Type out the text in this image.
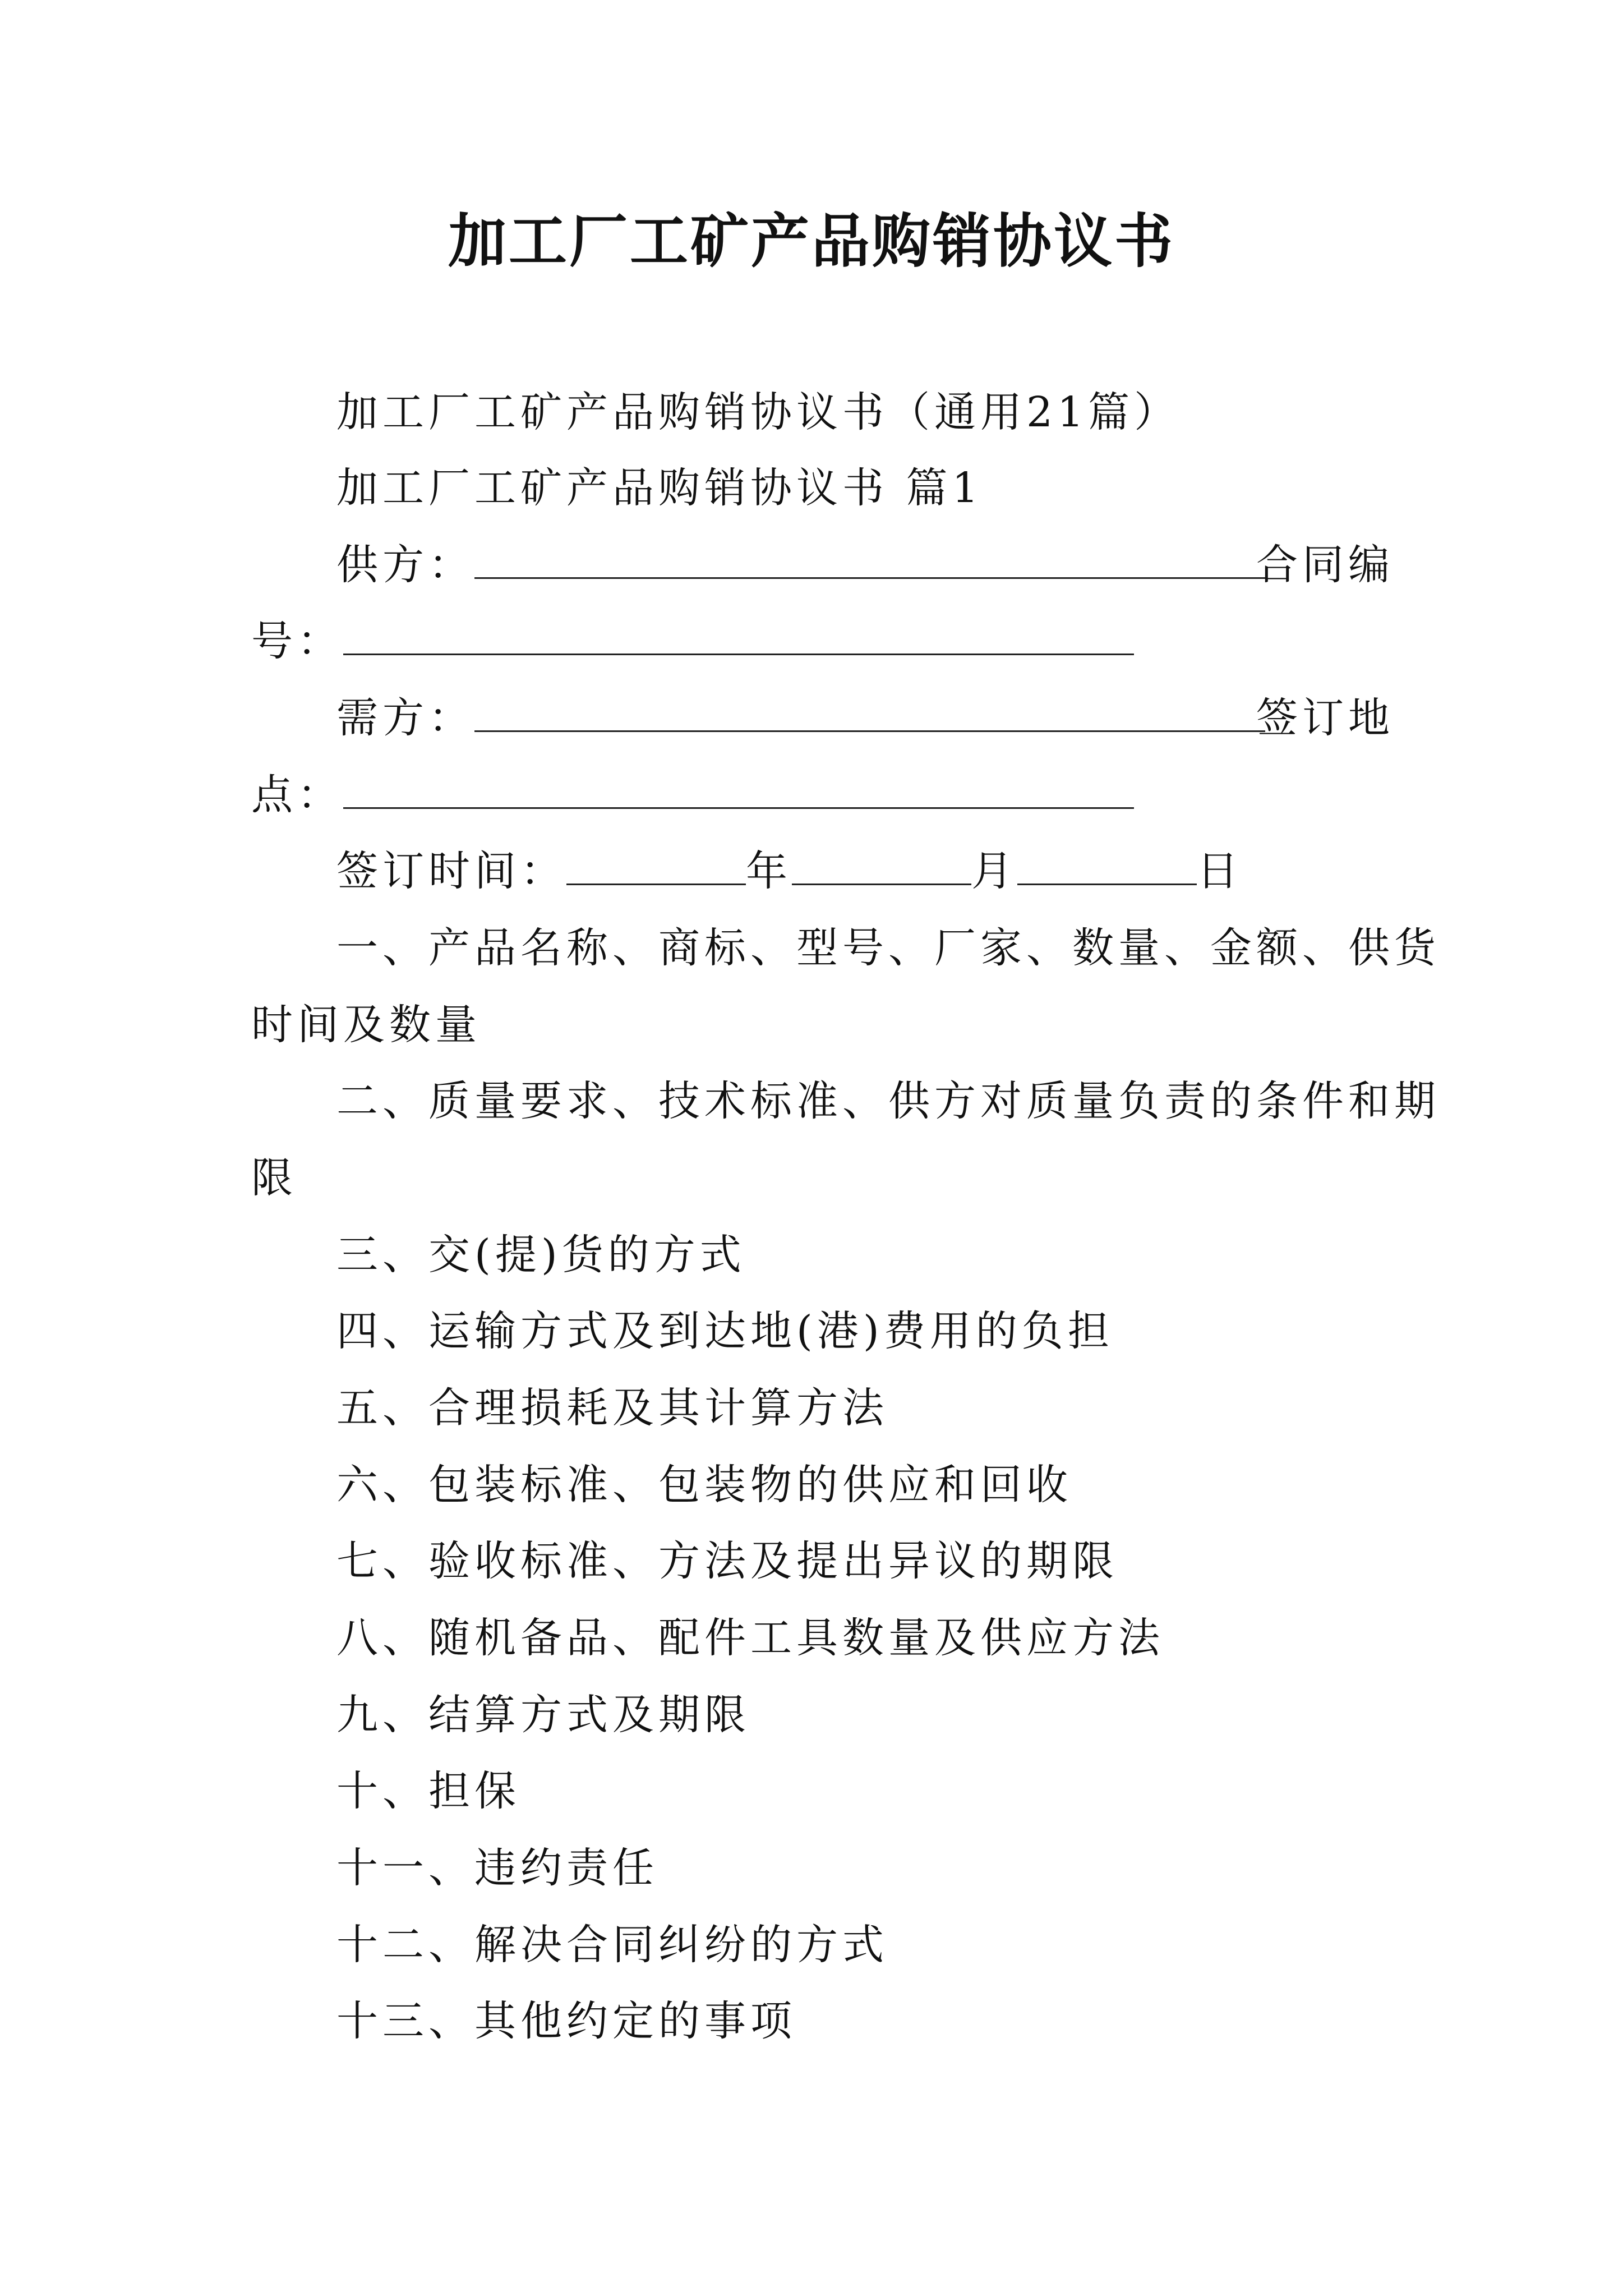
加工厂工矿产品购销协议书

加工厂工矿产品购销协议书（通用21篇）

加工厂工矿产品购销协议书 篇1

供方：	合同编
号：
需方：	签订地
点：
签订时间：	年	月	日

一、产品名称、商标、型号、厂家、数量、金额、供货

时间及数量

二、质量要求、技术标准、供方对质量负责的条件和期

限

三、交(提)货的方式

四、运输方式及到达地(港)费用的负担

五、合理损耗及其计算方法

六、包装标准、包装物的供应和回收

七、验收标准、方法及提出异议的期限

八、随机备品、配件工具数量及供应方法

九、结算方式及期限

十、担保

十一、违约责任

十二、解决合同纠纷的方式

十三、其他约定的事项
